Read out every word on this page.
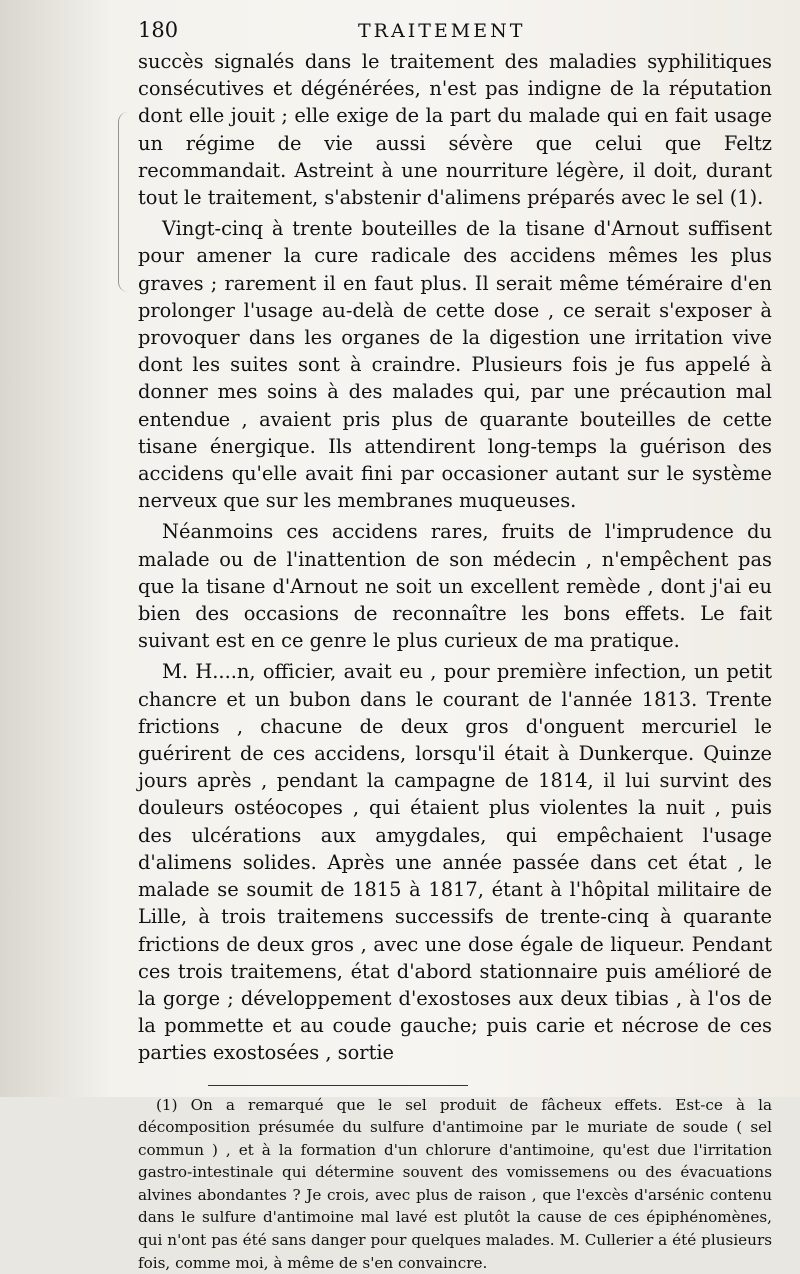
180	TRAITEMENT

succès signalés dans le traitement des maladies syphilitiques consécutives et dégénérées, n'est pas indigne de la réputation dont elle jouit ; elle exige de la part du malade qui en fait usage un régime de vie aussi sévère que celui que Feltz recommandait. Astreint à une nourriture légère, il doit, durant tout le traitement, s'abstenir d'alimens préparés avec le sel (1).

Vingt-cinq à trente bouteilles de la tisane d'Arnout suffisent pour amener la cure radicale des accidens mêmes les plus graves ; rarement il en faut plus. Il serait même téméraire d'en prolonger l'usage au-delà de cette dose , ce serait s'exposer à provoquer dans les organes de la digestion une irritation vive dont les suites sont à craindre. Plusieurs fois je fus appelé à donner mes soins à des malades qui, par une précaution mal entendue , avaient pris plus de quarante bouteilles de cette tisane énergique. Ils attendirent long-temps la guérison des accidens qu'elle avait fini par occasioner autant sur le système nerveux que sur les membranes muqueuses.

Néanmoins ces accidens rares, fruits de l'imprudence du malade ou de l'inattention de son médecin , n'empêchent pas que la tisane d'Arnout ne soit un excellent remède , dont j'ai eu bien des occasions de reconnaître les bons effets. Le fait suivant est en ce genre le plus curieux de ma pratique.

M. H....n, officier, avait eu , pour première infection, un petit chancre et un bubon dans le courant de l'année 1813. Trente frictions , chacune de deux gros d'onguent mercuriel le guérirent de ces accidens, lorsqu'il était à Dunkerque. Quinze jours après , pendant la campagne de 1814, il lui survint des douleurs ostéocopes , qui étaient plus violentes la nuit , puis des ulcérations aux amygdales, qui empêchaient l'usage d'alimens solides. Après une année passée dans cet état , le malade se soumit de 1815 à 1817, étant à l'hôpital militaire de Lille, à trois traitemens successifs de trente-cinq à quarante frictions de deux gros , avec une dose égale de liqueur. Pendant ces trois traitemens, état d'abord stationnaire puis amélioré de la gorge ; développement d'exostoses aux deux tibias , à l'os de la pommette et au coude gauche; puis carie et nécrose de ces parties exostosées , sortie

(1) On a remarqué que le sel produit de fâcheux effets. Est-ce à la décomposition présumée du sulfure d'antimoine par le muriate de soude ( sel commun ) , et à la formation d'un chlorure d'antimoine, qu'est due l'irritation gastro-intestinale qui détermine souvent des vomissemens ou des évacuations alvines abondantes ? Je crois, avec plus de raison , que l'excès d'arsénic contenu dans le sulfure d'antimoine mal lavé est plutôt la cause de ces épiphénomènes, qui n'ont pas été sans danger pour quelques malades. M. Cullerier a été plusieurs fois, comme moi, à même de s'en convaincre.
